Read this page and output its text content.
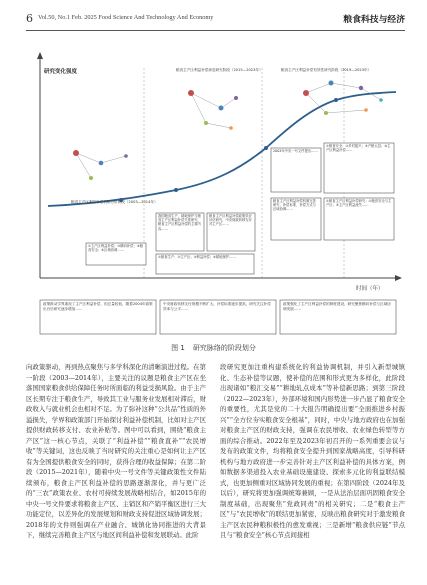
6 Vol.50, No.1 Feb. 2025 Food Science And Technology And Economy	粮食科技与经济
研究变化强度
时间（年）
粮食主产区利益补偿演变研究阶段（2015—2023年）	粮食主产区利益补偿有效性研究阶段（2019—2023年）
粮食主产区利益补偿机制分析阶段（2003—2014年）
我国粮食生产、耕地保护与粮食主产区利益补偿关系研究，粮食主产区利益补偿的主要内容……
粮食主产区利益补偿政策效应评估研究，中央财政转移支付对主产区……
粮食主产区利益补偿机制完善研究，补偿标准、补偿方式与区域协调……
①粮食主产区利益补偿研究；②粮食安全与主产区；③主产区利益流失……
2003年中央一号文件提出……
①粮食安全；②乡村振兴；③产粮大县；④主产区利益补偿……
①主产区利益补偿；②横向补偿；③粮食安全；④区域协调……
①粮食生产；②主产区；③利益补偿；④耕地保护……
政策推动学界重视了主产区利益补偿，但总量较低，随着2004年政策出台后研究逐步增加……
中央财政转移支付规模不断扩大，补偿标准逐步提高，研究关注补偿效率与公平……
政策强化了主产区利益补偿的制度建设，研究聚焦横向补偿与区域协调发展……
图 1 研究脉络的阶段划分

向政策驱动，再到热点聚焦与多学科深化的清晰演进过程。在第一阶段（2003—2014年），主要关注的议题是粮食主产区在坐落国国家粮食供给保障任务时所面临的利益受损风险。由于主产区长期专注于粮食生产，导致其工业与服务业发展相对滞后，财政收入与就业机会也相对不足。为了弥补这种“公共品”性质的外溢损失，学界和政策部门开始探讨利益补偿机制，比如对主产区提供财政转移支付、农业补贴等。图中可以看到，围绕“粮食主产区”这一核心节点，关联了“利益补偿”“粮食直补”“农民增收”等关键词，这也反映了当时研究的关注重心是如何让主产区有为全国提供粮食安全的同时，获得合理的收益保障；在第二阶段（2015—2021年），随着中央一号文件等关键政策性文件陆续颁布，粮食主产区利益补偿的思路逐渐深化，并与更广泛的“三农”政策农业、农村可持续发展战略相结合，如2015年的中央一号文件要求将粮食主产区、主销区和产销平衡区进行三大功能定位，以差异化的发展规划和财政支持促进区域协调发展；2018年的文件则强调在产业融合、城镇化协同推进的大背景下，继续完善粮食主产区与地区间利益补偿和发展联动。此阶

段研究更加注重构建系统化的利益协调机制，并引入新型城镇化、生态补偿等议题，使补偿的范围和形式更为多样化，此阶段出现诸如“粮汇交易”“耕地轧点成本”等补偿新思路；到第三阶段（2022—2023年），外部环境和国内形势进一步凸显了粮食安全的重要性，尤其是党的二十大报告明确提出要“全面推进乡村振兴”“全方位夯实粮食安全根基”，同时，中央与地方政府也在加强对粮食主产区的财政支持，强调在农民增收、农业绿色转型等方面的综合推动。2022年至及2023年初召开的一系列重要会议与发布的政策文件，均将粮食安全提升到国家战略高度，引导科研机构与地方政府进一步完善针对主产区利益补偿的具体方案，例如数据多渠道投入农业基础设施建设、探索多元化的利益联结模式，也更加侧重对区域协同发展的重视；在第四阶段（2024年及以后），研究将更加强调统筹兼顾，一是从法治层面巩固粮食安全制度基础，出现聚焦“党政同责”的相关研究；二是“粮食主产区”与“农民增收”的联结更加紧密，反映出粮食研究对于激发粮食主产区农民种粮积极性的愈发重视；三是新增“粮食供应链”节点且与“粮食安全”核心节点间接相
